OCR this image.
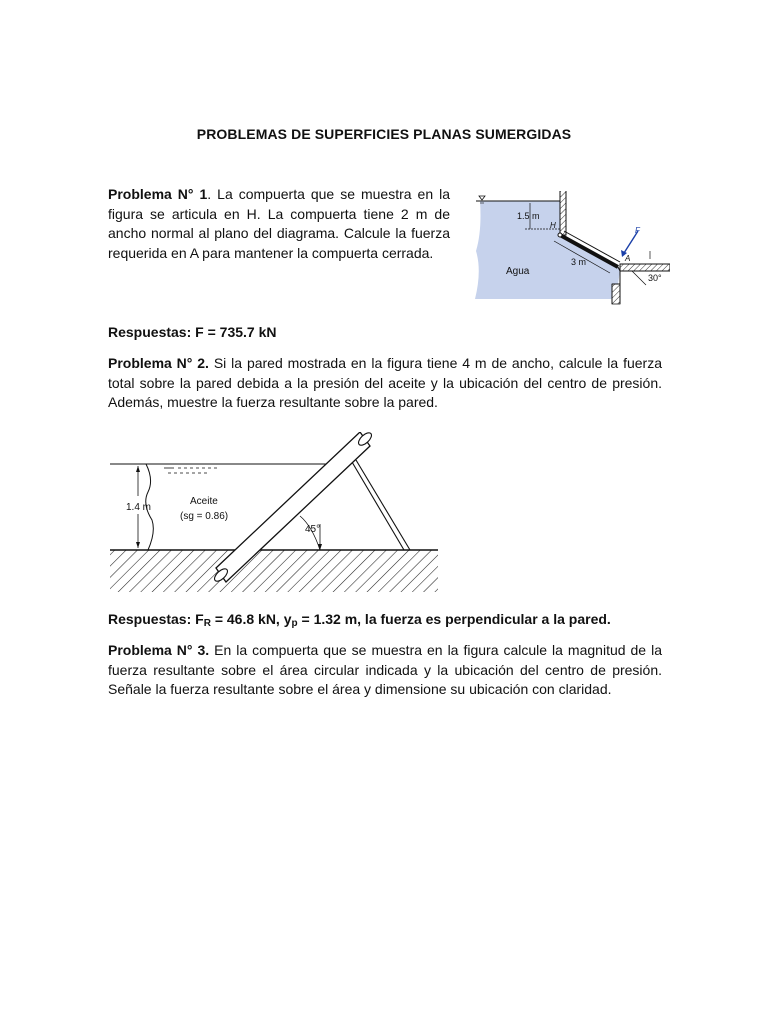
PROBLEMAS DE SUPERFICIES PLANAS SUMERGIDAS

Problema N° 1. La compuerta que se muestra en la figura se articula en H. La compuerta tiene 2 m de ancho normal al plano del diagrama. Calcule la fuerza requerida en A para mantener la compuerta cerrada.

1.5 m
H
3 m
F
A
30°
Agua
Respuestas: F = 735.7 kN

Problema N° 2. Si la pared mostrada en la figura tiene 4 m de ancho, calcule la fuerza total sobre la pared debida a la presión del aceite y la ubicación del centro de presión. Además, muestre la fuerza resultante sobre la pared.

1.4 m
Aceite
(sg = 0.86)
45°
Respuestas: $F_R = 46.8$ kN, $y_p = 1.32$ m, la fuerza es perpendicular a la pared.

Problema N° 3. En la compuerta que se muestra en la figura calcule la magnitud de la fuerza resultante sobre el área circular indicada y la ubicación del centro de presión. Señale la fuerza resultante sobre el área y dimensione su ubicación con claridad.
